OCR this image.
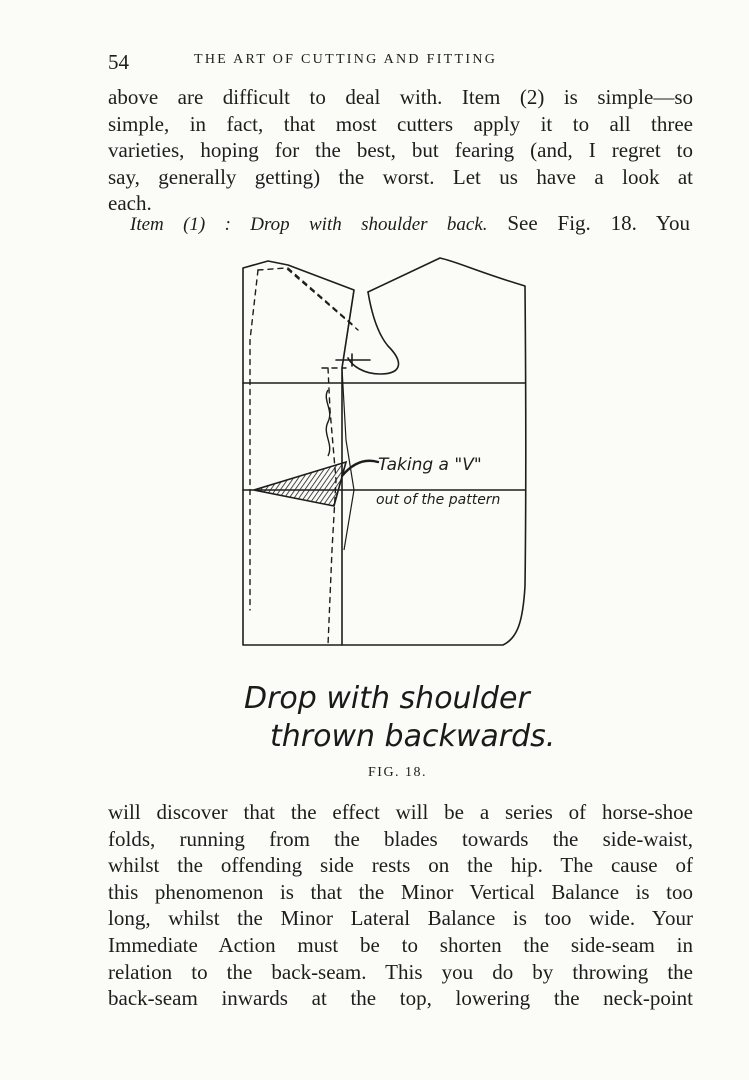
54	THE ART OF CUTTING AND FITTING
above are difficult to deal with. Item (2) is simple—so
simple, in fact, that most cutters apply it to all three
varieties, hoping for the best, but fearing (and, I regret to
say, generally getting) the worst. Let us have a look at
each.
Item (1) : Drop with shoulder back. See Fig. 18. You
Taking a "V"
out of the pattern
Drop with shoulder
thrown backwards.
FIG. 18.
will discover that the effect will be a series of horse-shoe
folds, running from the blades towards the side-waist,
whilst the offending side rests on the hip. The cause of
this phenomenon is that the Minor Vertical Balance is too
long, whilst the Minor Lateral Balance is too wide. Your
Immediate Action must be to shorten the side-seam in
relation to the back-seam. This you do by throwing the
back-seam inwards at the top, lowering the neck-point
